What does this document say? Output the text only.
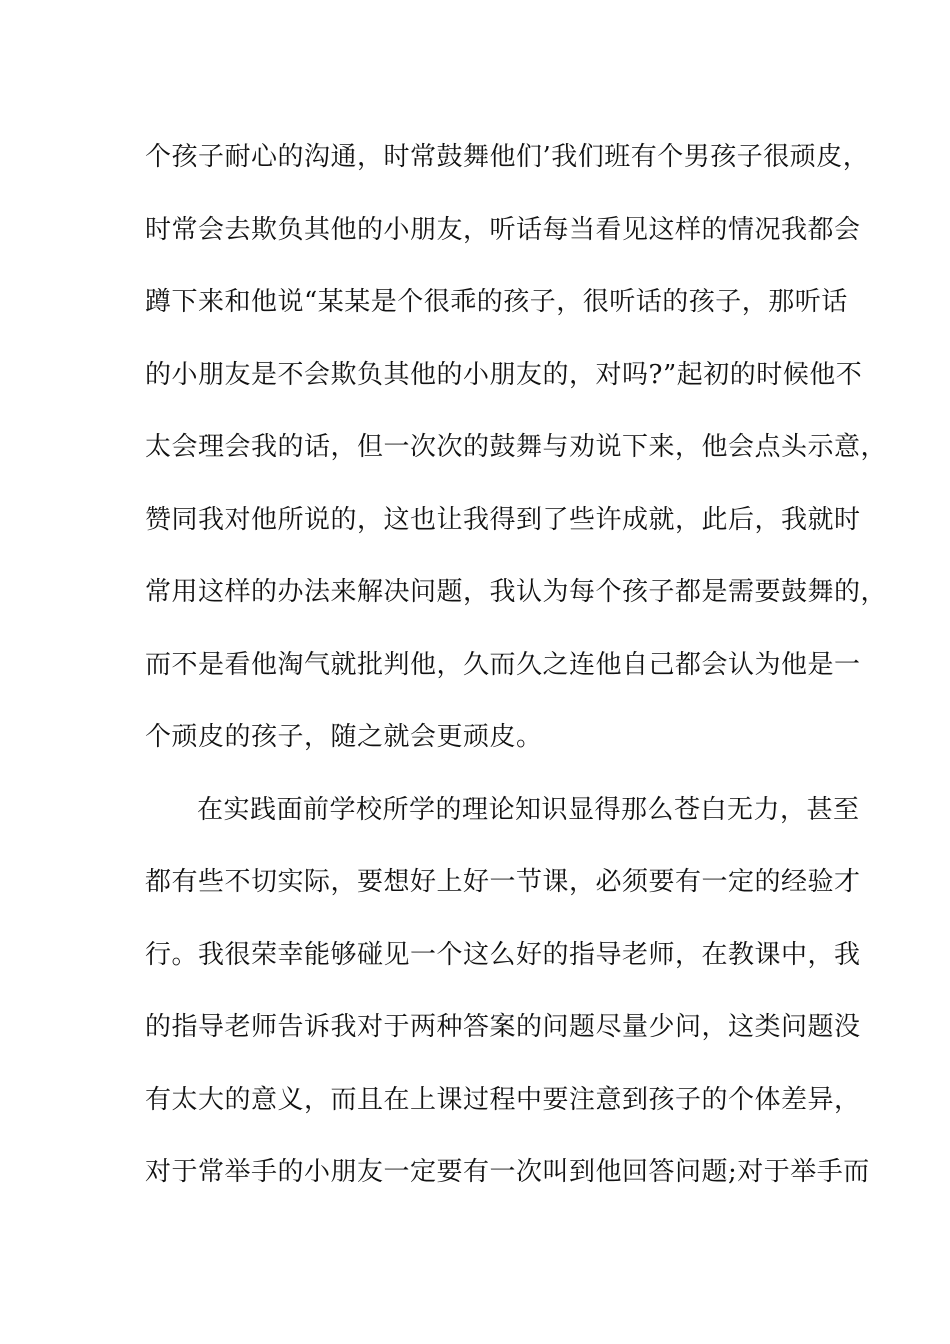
个孩子耐心的沟通，时常鼓舞他们’我们班有个男孩子很顽皮，
时常会去欺负其他的小朋友，听话每当看见这样的情况我都会
蹲下来和他说“某某是个很乖的孩子，很听话的孩子，那听话
的小朋友是不会欺负其他的小朋友的，对吗?”起初的时候他不
太会理会我的话，但一次次的鼓舞与劝说下来，他会点头示意，
赞同我对他所说的，这也让我得到了些许成就，此后，我就时
常用这样的办法来解决问题，我认为每个孩子都是需要鼓舞的，
而不是看他淘气就批判他，久而久之连他自己都会认为他是一
个顽皮的孩子，随之就会更顽皮。
在实践面前学校所学的理论知识显得那么苍白无力，甚至
都有些不切实际，要想好上好一节课，必须要有一定的经验才
行。我很荣幸能够碰见一个这么好的指导老师，在教课中，我
的指导老师告诉我对于两种答案的问题尽量少问，这类问题没
有太大的意义，而且在上课过程中要注意到孩子的个体差异，
对于常举手的小朋友一定要有一次叫到他回答问题;对于举手而
